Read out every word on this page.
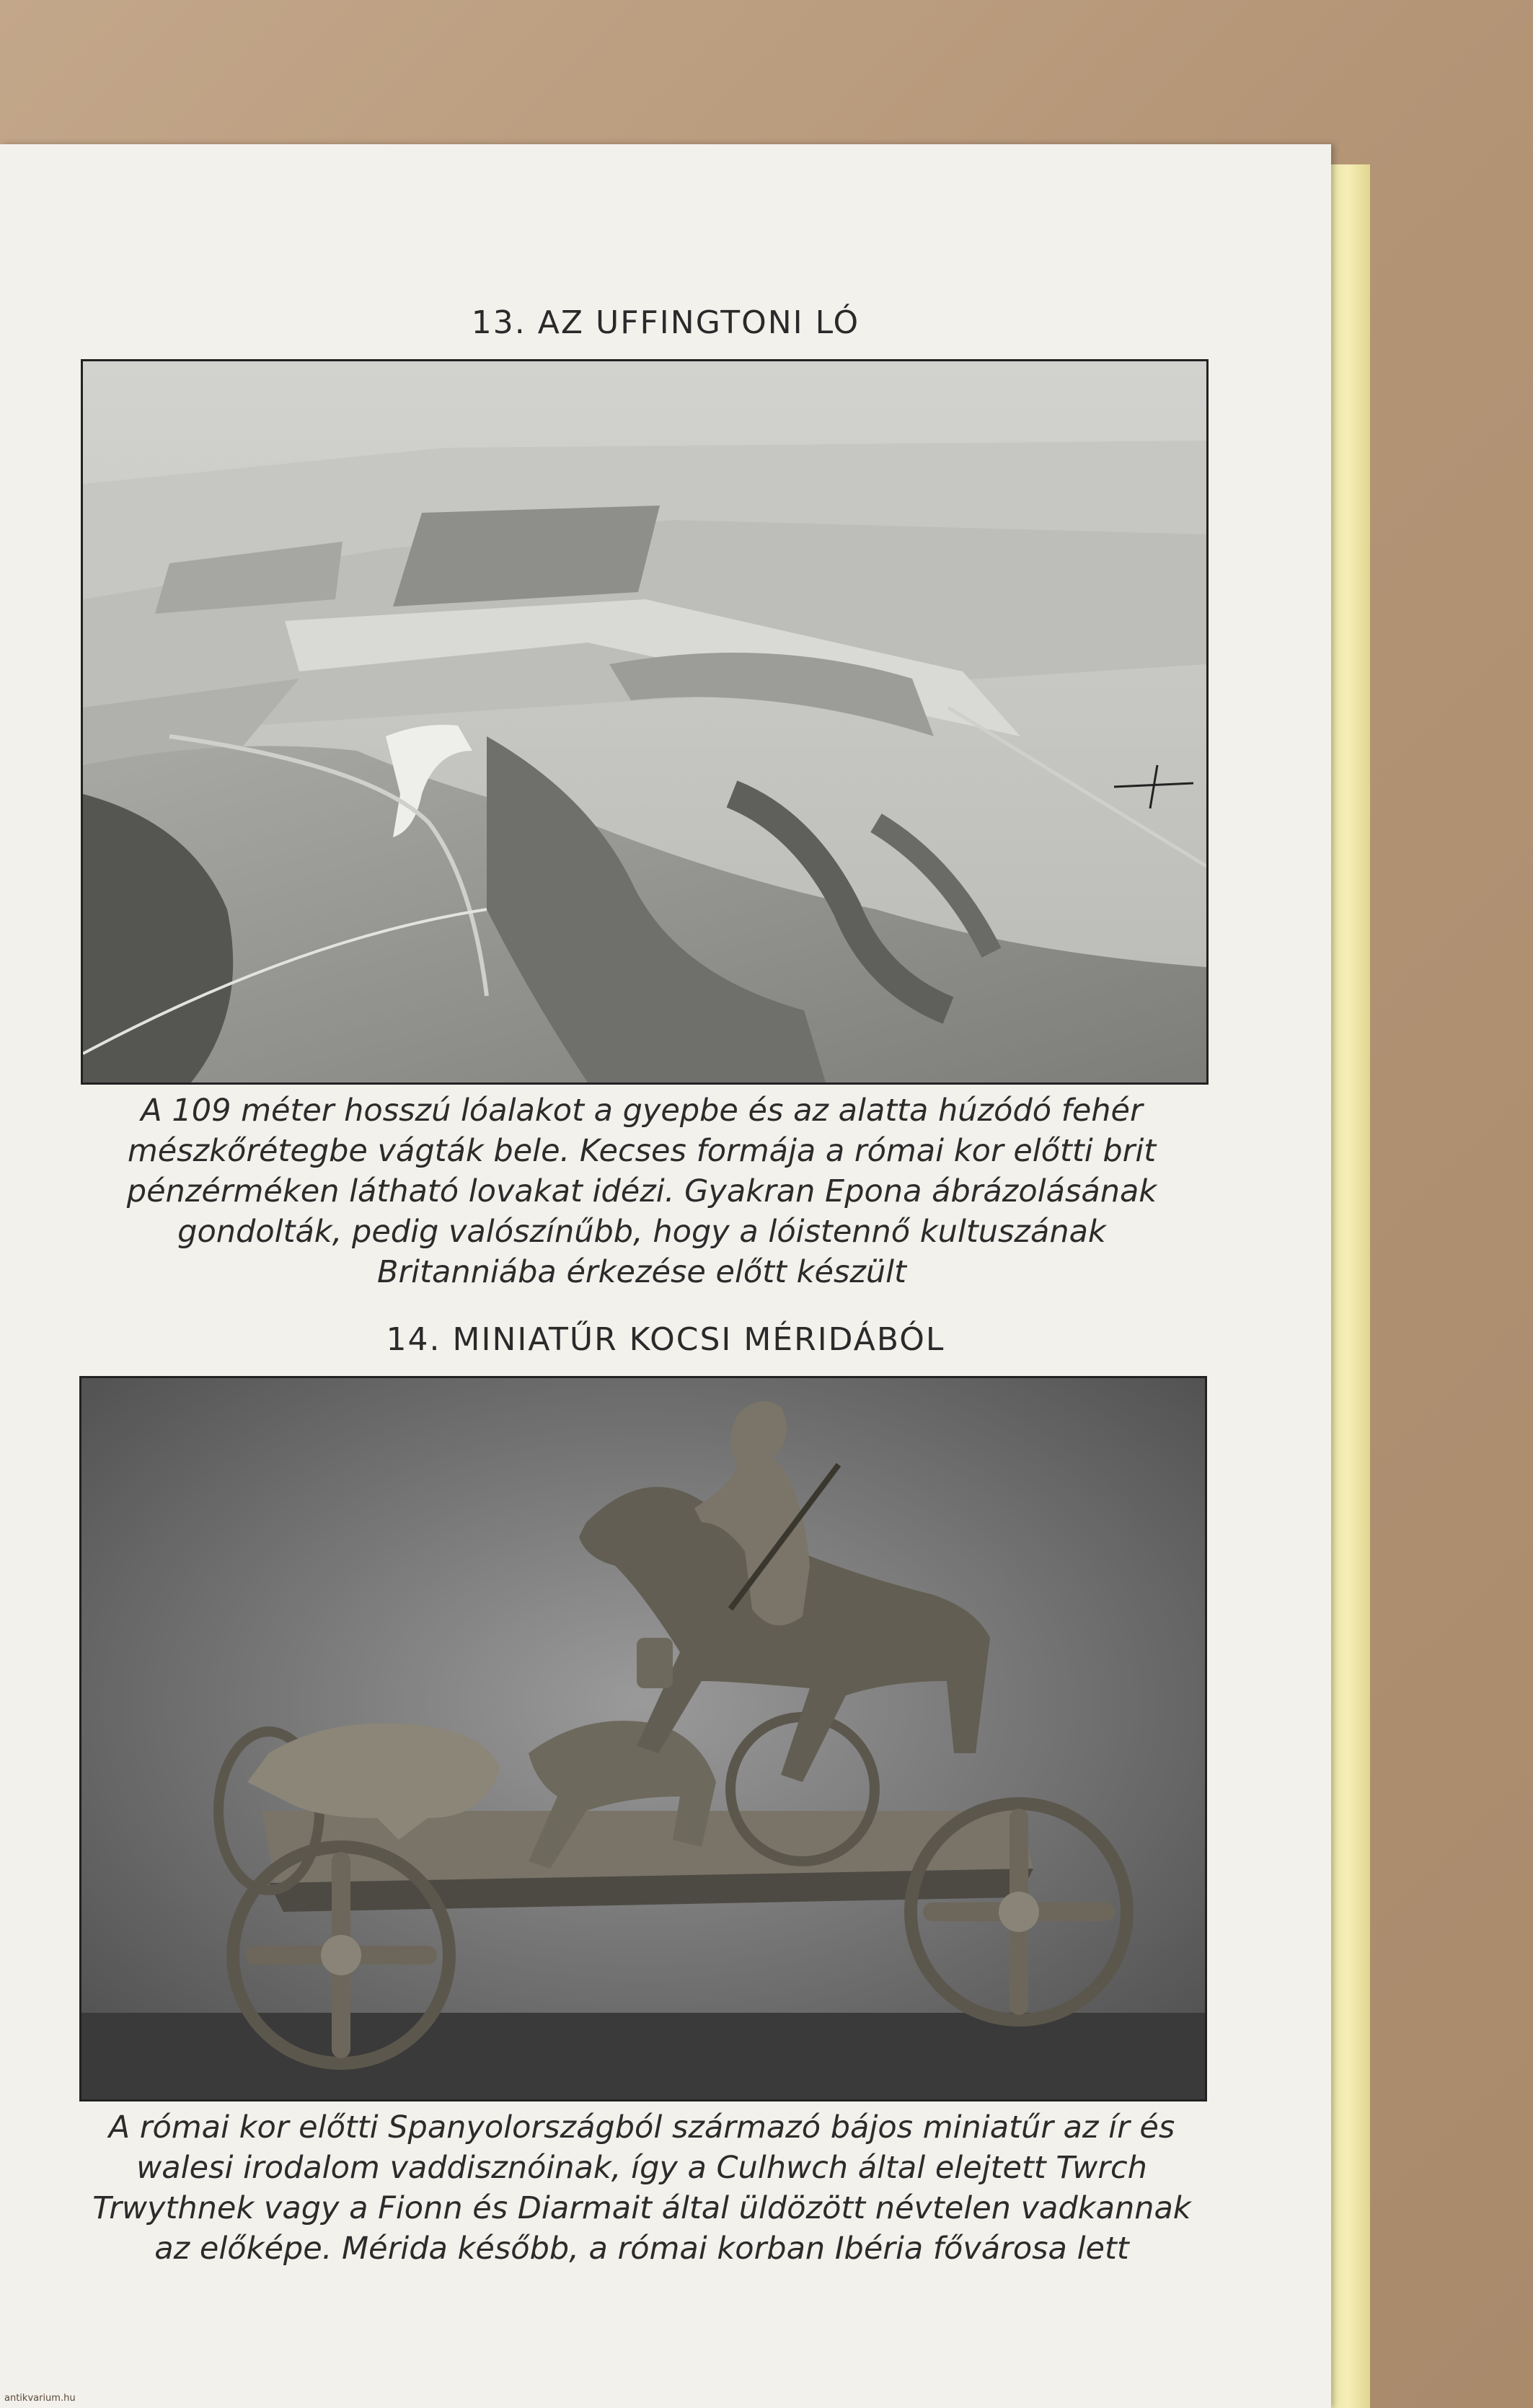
13. AZ UFFINGTONI LÓ
A 109 méter hosszú lóalakot a gyepbe és az alatta húzódó fehér
mészkőrétegbe vágták bele. Kecses formája a római kor előtti brit
pénzérméken látható lovakat idézi. Gyakran Epona ábrázolásának
gondolták, pedig valószínűbb, hogy a lóistennő kultuszának
Britanniába érkezése előtt készült
14. MINIATŰR KOCSI MÉRIDÁBÓL
A római kor előtti Spanyolországból származó bájos miniatűr az ír és
walesi irodalom vaddisznóinak, így a Culhwch által elejtett Twrch
Trwythnek vagy a Fionn és Diarmait által üldözött névtelen vadkannak
az előképe. Mérida később, a római korban Ibéria fővárosa lett
antikvarium.hu
